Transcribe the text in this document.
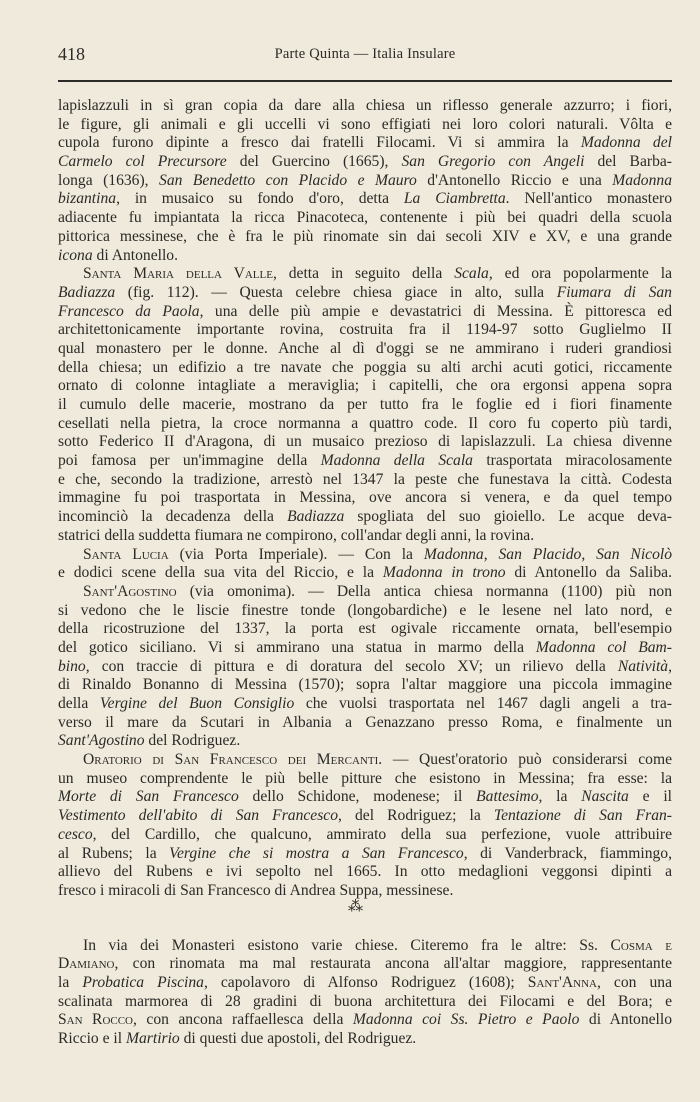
418	Parte Quinta — Italia Insulare
lapislazzuli in sì gran copia da dare alla chiesa un riflesso generale azzurro; i fiori,
le figure, gli animali e gli uccelli vi sono effigiati nei loro colori naturali. Vôlta e
cupola furono dipinte a fresco dai fratelli Filocami. Vi si ammira la Madonna del
Carmelo col Precursore del Guercino (1665), San Gregorio con Angeli del Barba-
longa (1636), San Benedetto con Placido e Mauro d'Antonello Riccio e una Madonna
bizantina, in musaico su fondo d'oro, detta La Ciambretta. Nell'antico monastero
adiacente fu impiantata la ricca Pinacoteca, contenente i più bei quadri della scuola
pittorica messinese, che è fra le più rinomate sin dai secoli XIV e XV, e una grande
icona di Antonello.
Santa Maria della Valle, detta in seguito della Scala, ed ora popolarmente la
Badiazza (fig. 112). — Questa celebre chiesa giace in alto, sulla Fiumara di San
Francesco da Paola, una delle più ampie e devastatrici di Messina. È pittoresca ed
architettonicamente importante rovina, costruita fra il 1194-97 sotto Guglielmo II
qual monastero per le donne. Anche al dì d'oggi se ne ammirano i ruderi grandiosi
della chiesa; un edifizio a tre navate che poggia su alti archi acuti gotici, riccamente
ornato di colonne intagliate a meraviglia; i capitelli, che ora ergonsi appena sopra
il cumulo delle macerie, mostrano da per tutto fra le foglie ed i fiori finamente
cesellati nella pietra, la croce normanna a quattro code. Il coro fu coperto più tardi,
sotto Federico II d'Aragona, di un musaico prezioso di lapislazzuli. La chiesa divenne
poi famosa per un'immagine della Madonna della Scala trasportata miracolosamente
e che, secondo la tradizione, arrestò nel 1347 la peste che funestava la città. Codesta
immagine fu poi trasportata in Messina, ove ancora si venera, e da quel tempo
incominciò la decadenza della Badiazza spogliata del suo gioiello. Le acque deva-
statrici della suddetta fiumara ne compirono, coll'andar degli anni, la rovina.
Santa Lucia (via Porta Imperiale). — Con la Madonna, San Placido, San Nicolò
e dodici scene della sua vita del Riccio, e la Madonna in trono di Antonello da Saliba.
Sant'Agostino (via omonima). — Della antica chiesa normanna (1100) più non
si vedono che le liscie finestre tonde (longobardiche) e le lesene nel lato nord, e
della ricostruzione del 1337, la porta est ogivale riccamente ornata, bell'esempio
del gotico siciliano. Vi si ammirano una statua in marmo della Madonna col Bam-
bino, con traccie di pittura e di doratura del secolo XV; un rilievo della Natività,
di Rinaldo Bonanno di Messina (1570); sopra l'altar maggiore una piccola immagine
della Vergine del Buon Consiglio che vuolsi trasportata nel 1467 dagli angeli a tra-
verso il mare da Scutari in Albania a Genazzano presso Roma, e finalmente un
Sant'Agostino del Rodriguez.
Oratorio di San Francesco dei Mercanti. — Quest'oratorio può considerarsi come
un museo comprendente le più belle pitture che esistono in Messina; fra esse: la
Morte di San Francesco dello Schidone, modenese; il Battesimo, la Nascita e il
Vestimento dell'abito di San Francesco, del Rodriguez; la Tentazione di San Fran-
cesco, del Cardillo, che qualcuno, ammirato della sua perfezione, vuole attribuire
al Rubens; la Vergine che si mostra a San Francesco, di Vanderbrack, fiammingo,
allievo del Rubens e ivi sepolto nel 1665. In otto medaglioni veggonsi dipinti a
fresco i miracoli di San Francesco di Andrea Suppa, messinese.
⁂
In via dei Monasteri esistono varie chiese. Citeremo fra le altre: Ss. Cosma e
Damiano, con rinomata ma mal restaurata ancona all'altar maggiore, rappresentante
la Probatica Piscina, capolavoro di Alfonso Rodriguez (1608); Sant'Anna, con una
scalinata marmorea di 28 gradini di buona architettura dei Filocami e del Bora; e
San Rocco, con ancona raffaellesca della Madonna coi Ss. Pietro e Paolo di Antonello
Riccio e il Martirio di questi due apostoli, del Rodriguez.
